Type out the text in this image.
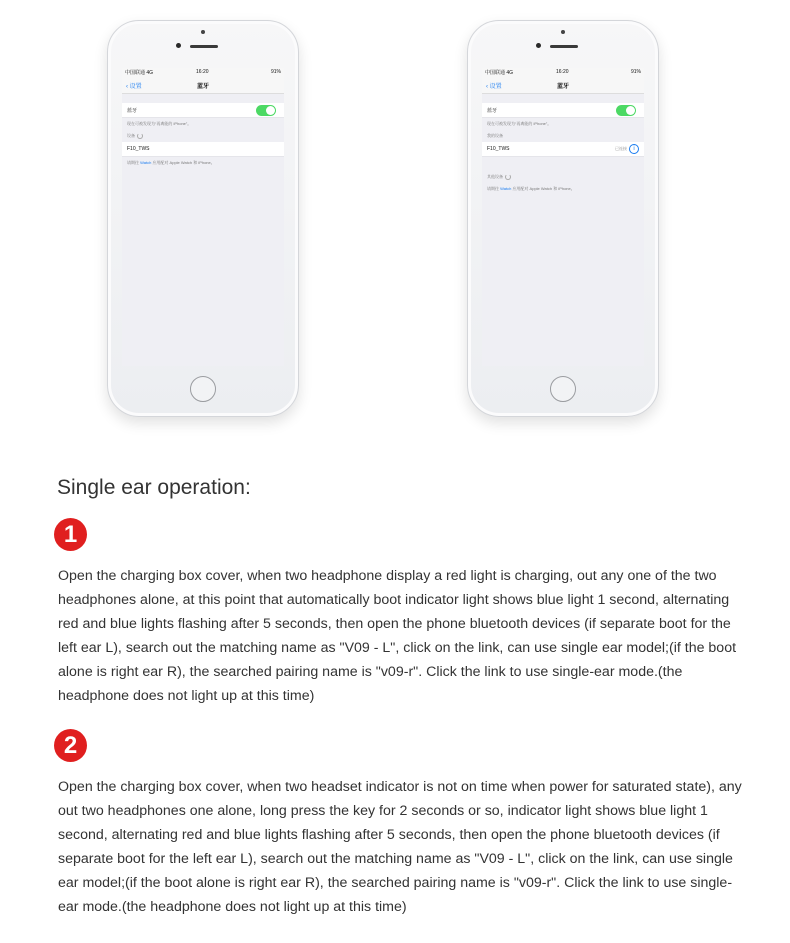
中国联通 4G	16:20	91%
‹ 设置	蓝牙
蓝牙
现在可被发现为“再离能的 iPhone”。
设备
F10_TWS
请期往 Watch 应用配对 Apple Watch 和 iPhone。
中国联通 4G	16:20	91%
‹ 设置	蓝牙
蓝牙
现在可被发现为“再离能的 iPhone”。
我的设备
F10_TWS	已连接	i
其他设备
请期往 Watch 应用配对 Apple Watch 和 iPhone。
Single ear operation:
1

Open the charging box cover, when two headphone display a red light is charging, out any one of the two headphones alone, at this point that automatically boot indicator light shows blue light 1 second, alternating red and blue lights flashing after 5 seconds, then open the phone bluetooth devices (if separate boot for the left ear L), search out the matching name as "V09 - L", click on the link, can use single ear model;(if the boot alone is right ear R), the searched pairing name is "v09-r". Click the link to use single-ear mode.(the headphone does not light up at this time)

2

Open the charging box cover, when two headset indicator is not on time when power for saturated state), any out two headphones one alone, long press the key for 2 seconds or so, indicator light shows blue light 1 second, alternating red and blue lights flashing after 5 seconds, then open the phone bluetooth devices (if separate boot for the left ear L), search out the matching name as "V09 - L", click on the link, can use single ear model;(if the boot alone is right ear R), the searched pairing name is "v09-r". Click the link to use single-ear mode.(the headphone does not light up at this time)
